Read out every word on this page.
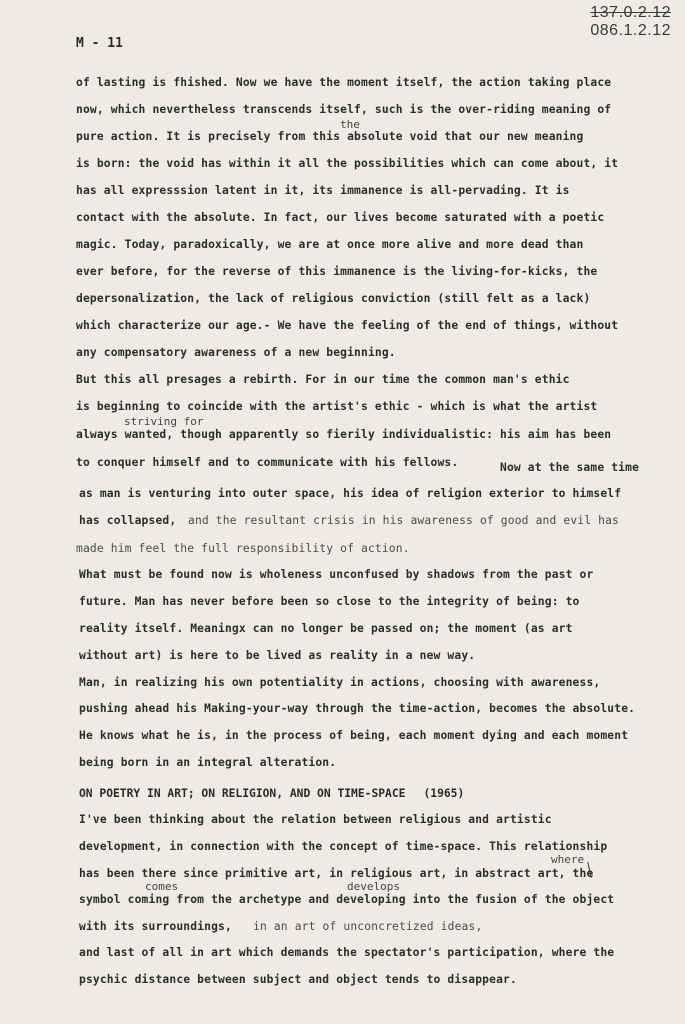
137.0.2.12
086.1.2.12
M - 11
the
striving for
where
comes	develops
of lasting is fhished. Now we have the moment itself, the action taking place
now, which nevertheless transcends itself, such is the over-riding meaning of
pure action. It is precisely from this absolute void that our new meaning
is born: the void has within it all the possibilities which can come about, it
has all expresssion latent in it, its immanence is all-pervading. It is
contact with the absolute. In fact, our lives become saturated with a poetic
magic. Today, paradoxically, we are at once more alive and more dead than
ever before, for the reverse of this immanence is the living-for-kicks, the
depersonalization, the lack of religious conviction (still felt as a lack)
which characterize our age.- We have the feeling of the end of things, without
any compensatory awareness of a new beginning.
But this all presages a rebirth. For in our time the common man's ethic
is beginning to coincide with the artist's ethic - which is what the artist
always wanted, though apparently so fierily individualistic: his aim has been
to conquer himself and to communicate with his fellows.	Now at the same time
as man is venturing into outer space, his idea of religion exterior to himself
has collapsed, and the resultant crisis in his awareness of good and evil has
made him feel the full responsibility of action.
What must be found now is wholeness unconfused by shadows from the past or
future. Man has never before been so close to the integrity of being: to
reality itself. Meaningx can no longer be passed on; the moment (as art
without art) is here to be lived as reality in a new way.
Man, in realizing his own potentiality in actions, choosing with awareness,
pushing ahead his Making-your-way through the time-action, becomes the absolute.
He knows what he is, in the process of being, each moment dying and each moment
being born in an integral alteration.
ON POETRY IN ART; ON RELIGION, AND ON TIME-SPACE (1965)
I've been thinking about the relation between religious and artistic
development, in connection with the concept of time-space. This relationship
has been there since primitive art, in religious art, in abstract art, the
symbol coming from the archetype and developing into the fusion of the object
with its surroundings, in an art of unconcretized ideas,
and last of all in art which demands the spectator's participation, where the
psychic distance between subject and object tends to disappear.
